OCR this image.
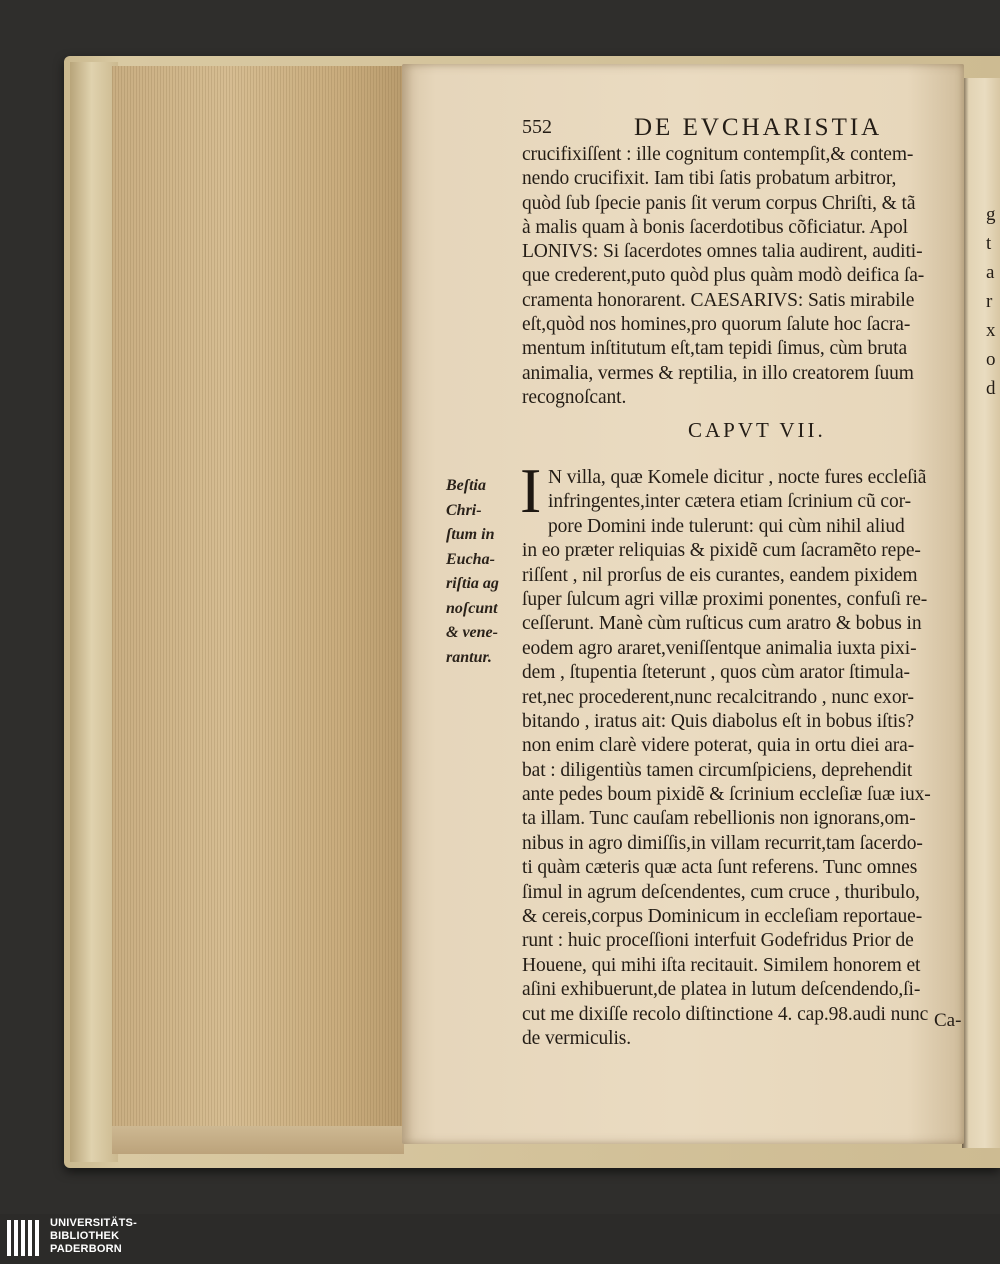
g
t
a
r
x
o
d
552	DE EVCHARISTIA
crucifixiſſent : ille cognitum contempſit,& contem-
nendo crucifixit. Iam tibi ſatis probatum arbitror,
quòd ſub ſpecie panis ſit verum corpus Chriſti, & tã
à malis quam à bonis ſacerdotibus cõficiatur. Apol
LONIVS: Si ſacerdotes omnes talia audirent, auditi-
que crederent,puto quòd plus quàm modò deifica ſa-
cramenta honorarent. CAESARIVS: Satis mirabile
eſt,quòd nos homines,pro quorum ſalute hoc ſacra-
mentum inſtitutum eſt,tam tepidi ſimus, cùm bruta
animalia, vermes & reptilia, in illo creatorem ſuum
recognoſcant.
CAPVT VII.
I N villa, quæ Komele dicitur , nocte fures eccleſiã
infringentes,inter cætera etiam ſcrinium cũ cor-
pore Domini inde tulerunt: qui cùm nihil aliud
in eo præter reliquias & pixidẽ cum ſacramẽto repe-
riſſent , nil prorſus de eis curantes, eandem pixidem
ſuper ſulcum agri villæ proximi ponentes, confuſi re-
ceſſerunt. Manè cùm ruſticus cum aratro & bobus in
eodem agro araret,veniſſentque animalia iuxta pixi-
dem , ſtupentia ſteterunt , quos cùm arator ſtimula-
ret,nec procederent,nunc recalcitrando , nunc exor-
bitando , iratus ait: Quis diabolus eſt in bobus iſtis?
non enim clarè videre poterat, quia in ortu diei ara-
bat : diligentiùs tamen circumſpiciens, deprehendit
ante pedes boum pixidẽ & ſcrinium eccleſiæ ſuæ iux-
ta illam. Tunc cauſam rebellionis non ignorans,om-
nibus in agro dimiſſis,in villam recurrit,tam ſacerdo-
ti quàm cæteris quæ acta ſunt referens. Tunc omnes
ſimul in agrum deſcendentes, cum cruce , thuribulo,
& cereis,corpus Dominicum in eccleſiam reportaue-
runt : huic proceſſioni interfuit Godefridus Prior de
Houene, qui mihi iſta recitauit. Similem honorem et
aſini exhibuerunt,de platea in lutum deſcendendo,ſi-
cut me dixiſſe recolo diſtinctione 4. cap.98.audi nunc
de vermiculis.
Beſtia
Chri-
ſtum in
Eucha-
riſtia ag
noſcunt
& vene-
rantur.
Ca-
UNIVERSITÄTS-
BIBLIOTHEK
PADERBORN
